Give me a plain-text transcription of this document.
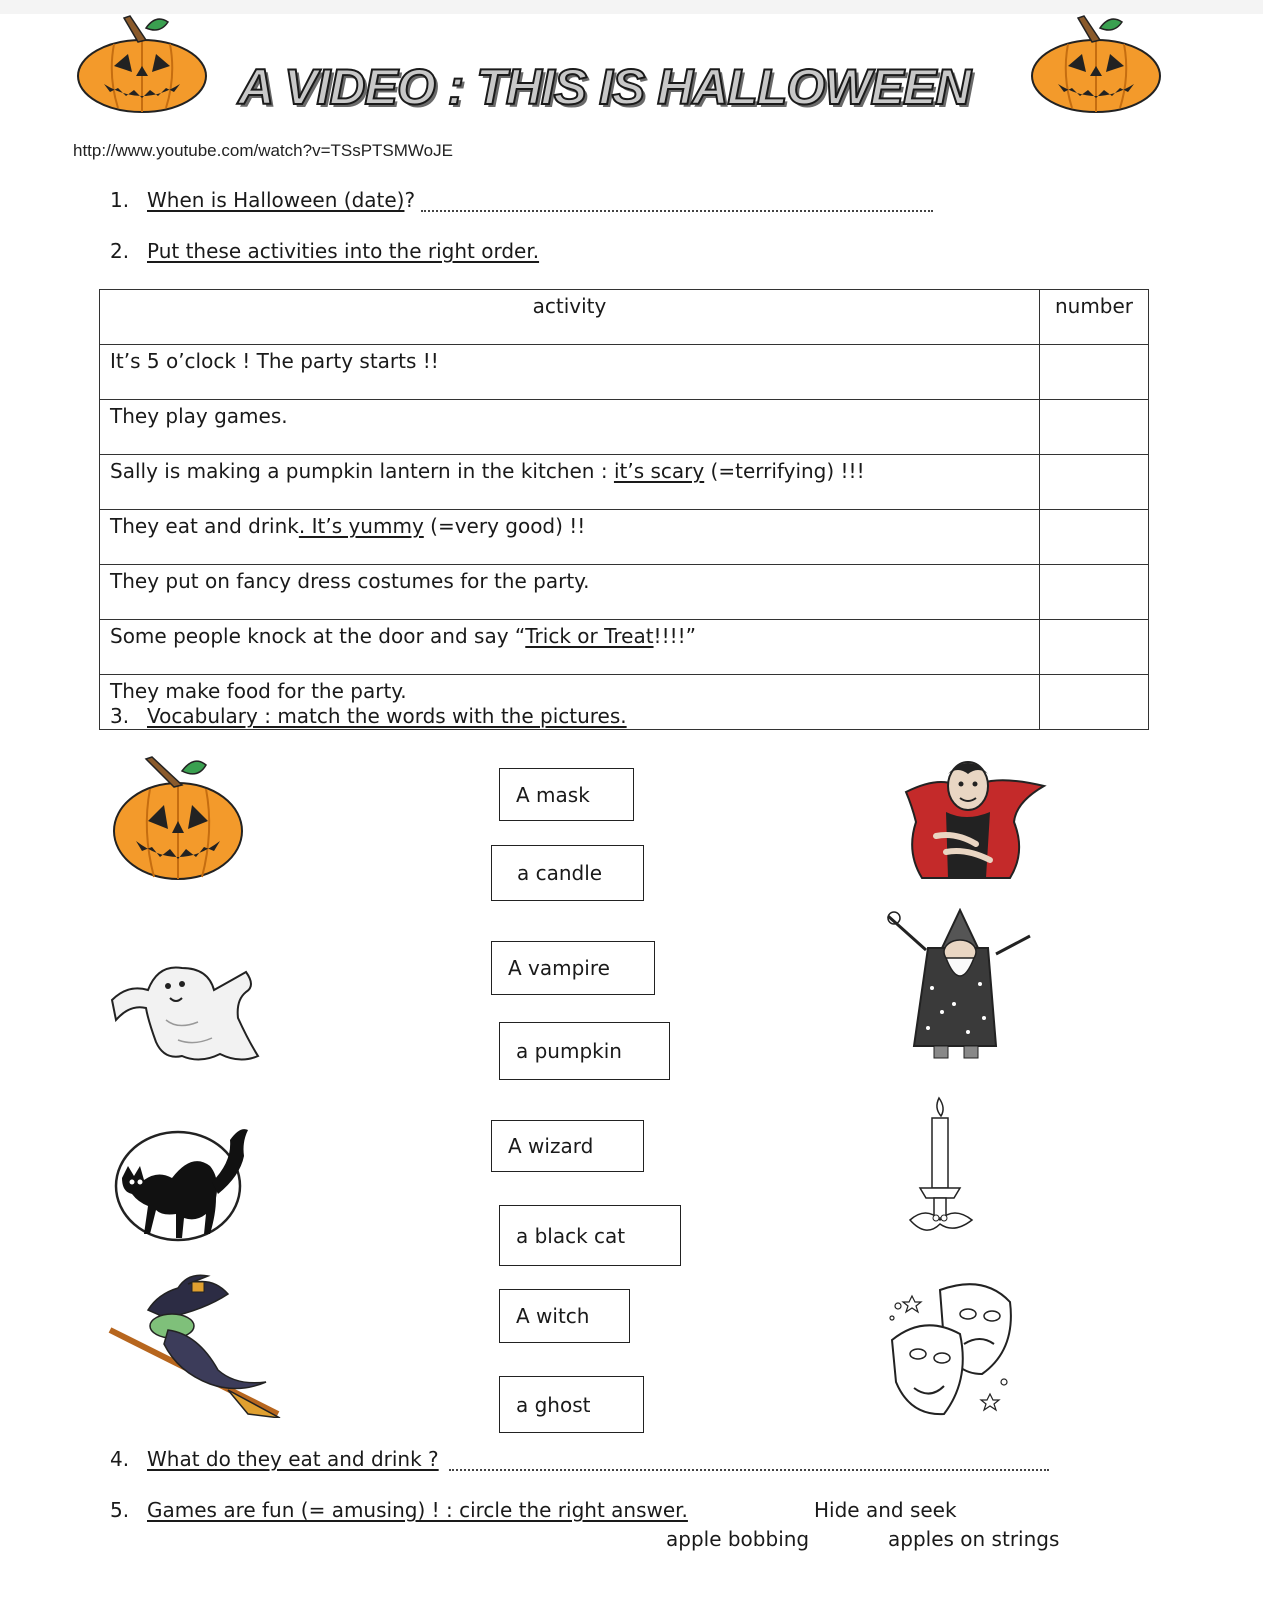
A VIDEO : THIS IS HALLOWEEN
http://www.youtube.com/watch?v=TSsPTSMWoJE
1. When is Halloween (date)?
2. Put these activities into the right order.
activity	number
It’s 5 o’clock ! The party starts !!	
They play games.	
Sally is making a pumpkin lantern in the kitchen : it’s scary (=terrifying) !!!	
They eat and drink. It’s yummy (=very good) !!	
They put on fancy dress costumes for the party.	
Some people knock at the door and say “Trick or Treat!!!!”	
They make food for the party.	
3. Vocabulary : match the words with the pictures.
A mask
a candle
A vampire
a pumpkin
A wizard
a black cat
A witch
a ghost
4. What do they eat and drink ?
5. Games are fun (= amusing) ! : circle the right answer.	Hide and seek
apple bobbing	apples on strings
